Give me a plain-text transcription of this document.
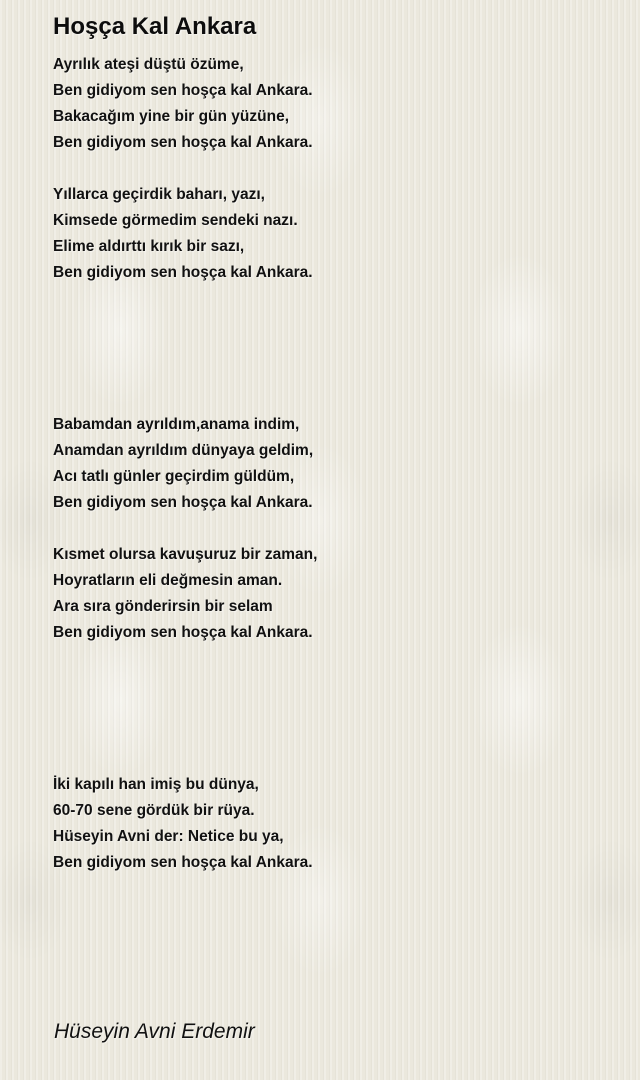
Hoşça Kal Ankara
Ayrılık ateşi düştü özüme,
Ben gidiyom sen hoşça kal Ankara.
Bakacağım yine bir gün yüzüne,
Ben gidiyom sen hoşça kal Ankara.
Yıllarca geçirdik baharı, yazı,
Kimsede görmedim sendeki nazı.
Elime aldırttı kırık bir sazı,
Ben gidiyom sen hoşça kal Ankara.
Babamdan ayrıldım,anama indim,
Anamdan ayrıldım dünyaya geldim,
Acı tatlı günler geçirdim güldüm,
Ben gidiyom sen hoşça kal Ankara.
Kısmet olursa kavuşuruz bir zaman,
Hoyratların eli değmesin aman.
Ara sıra gönderirsin bir selam
Ben gidiyom sen hoşça kal Ankara.
İki kapılı han imiş bu dünya,
60-70 sene gördük bir rüya.
Hüseyin Avni der: Netice bu ya,
Ben gidiyom sen hoşça kal Ankara.
Hüseyin Avni Erdemir
